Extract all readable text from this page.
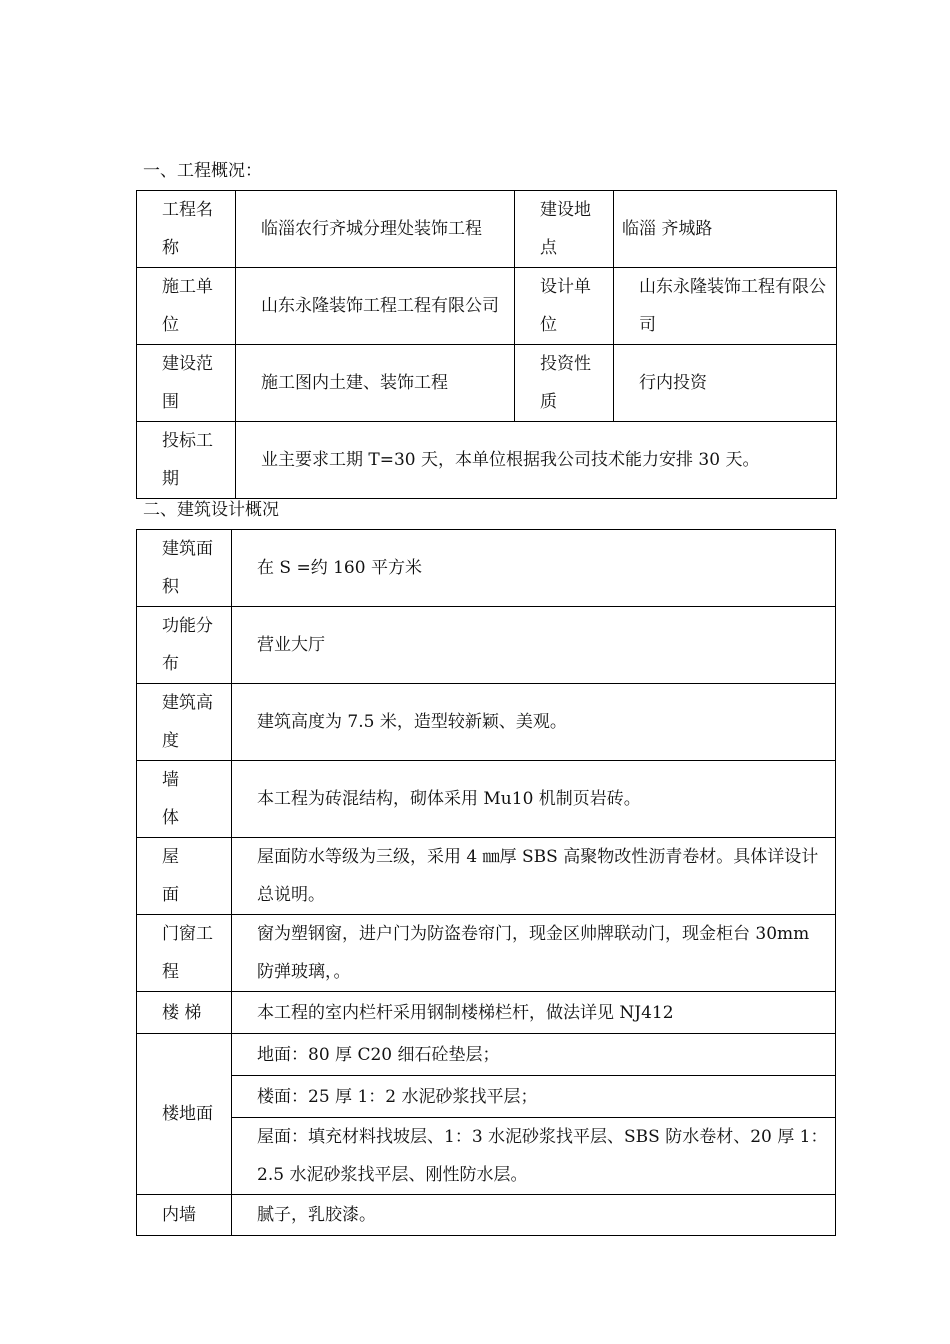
一、工程概况：
工程名称	临淄农行齐城分理处装饰工程	建设地点	临淄 齐城路
施工单位	山东永隆装饰工程工程有限公司	设计单位	山东永隆装饰工程有限公司
建设范围	施工图内土建、装饰工程	投资性质	行内投资
投标工期	业主要求工期 T=30 天，本单位根据我公司技术能力安排 30 天。		
二、建筑设计概况
建筑面积	在 S =约 160 平方米
功能分布	营业大厅
建筑高度	建筑高度为 7.5 米，造型较新颖、美观。
墙体	本工程为砖混结构，砌体采用 Mu10 机制页岩砖。
屋面	屋面防水等级为三级，采用 4 ㎜厚 SBS 高聚物改性沥青卷材。具体详设计总说明。
门窗工程	窗为塑钢窗，进户门为防盗卷帘门，现金区帅牌联动门，现金柜台 30mm 防弹玻璃，。
楼 梯	本工程的室内栏杆采用钢制楼梯栏杆，做法详见 NJ412
楼地面	地面：80 厚 C20 细石砼垫层；
	楼面：25 厚 1：2 水泥砂浆找平层；
	屋面：填充材料找坡层、1：3 水泥砂浆找平层、SBS 防水卷材、20 厚 1：2.5 水泥砂浆找平层、刚性防水层。
内墙	腻子，乳胶漆。
